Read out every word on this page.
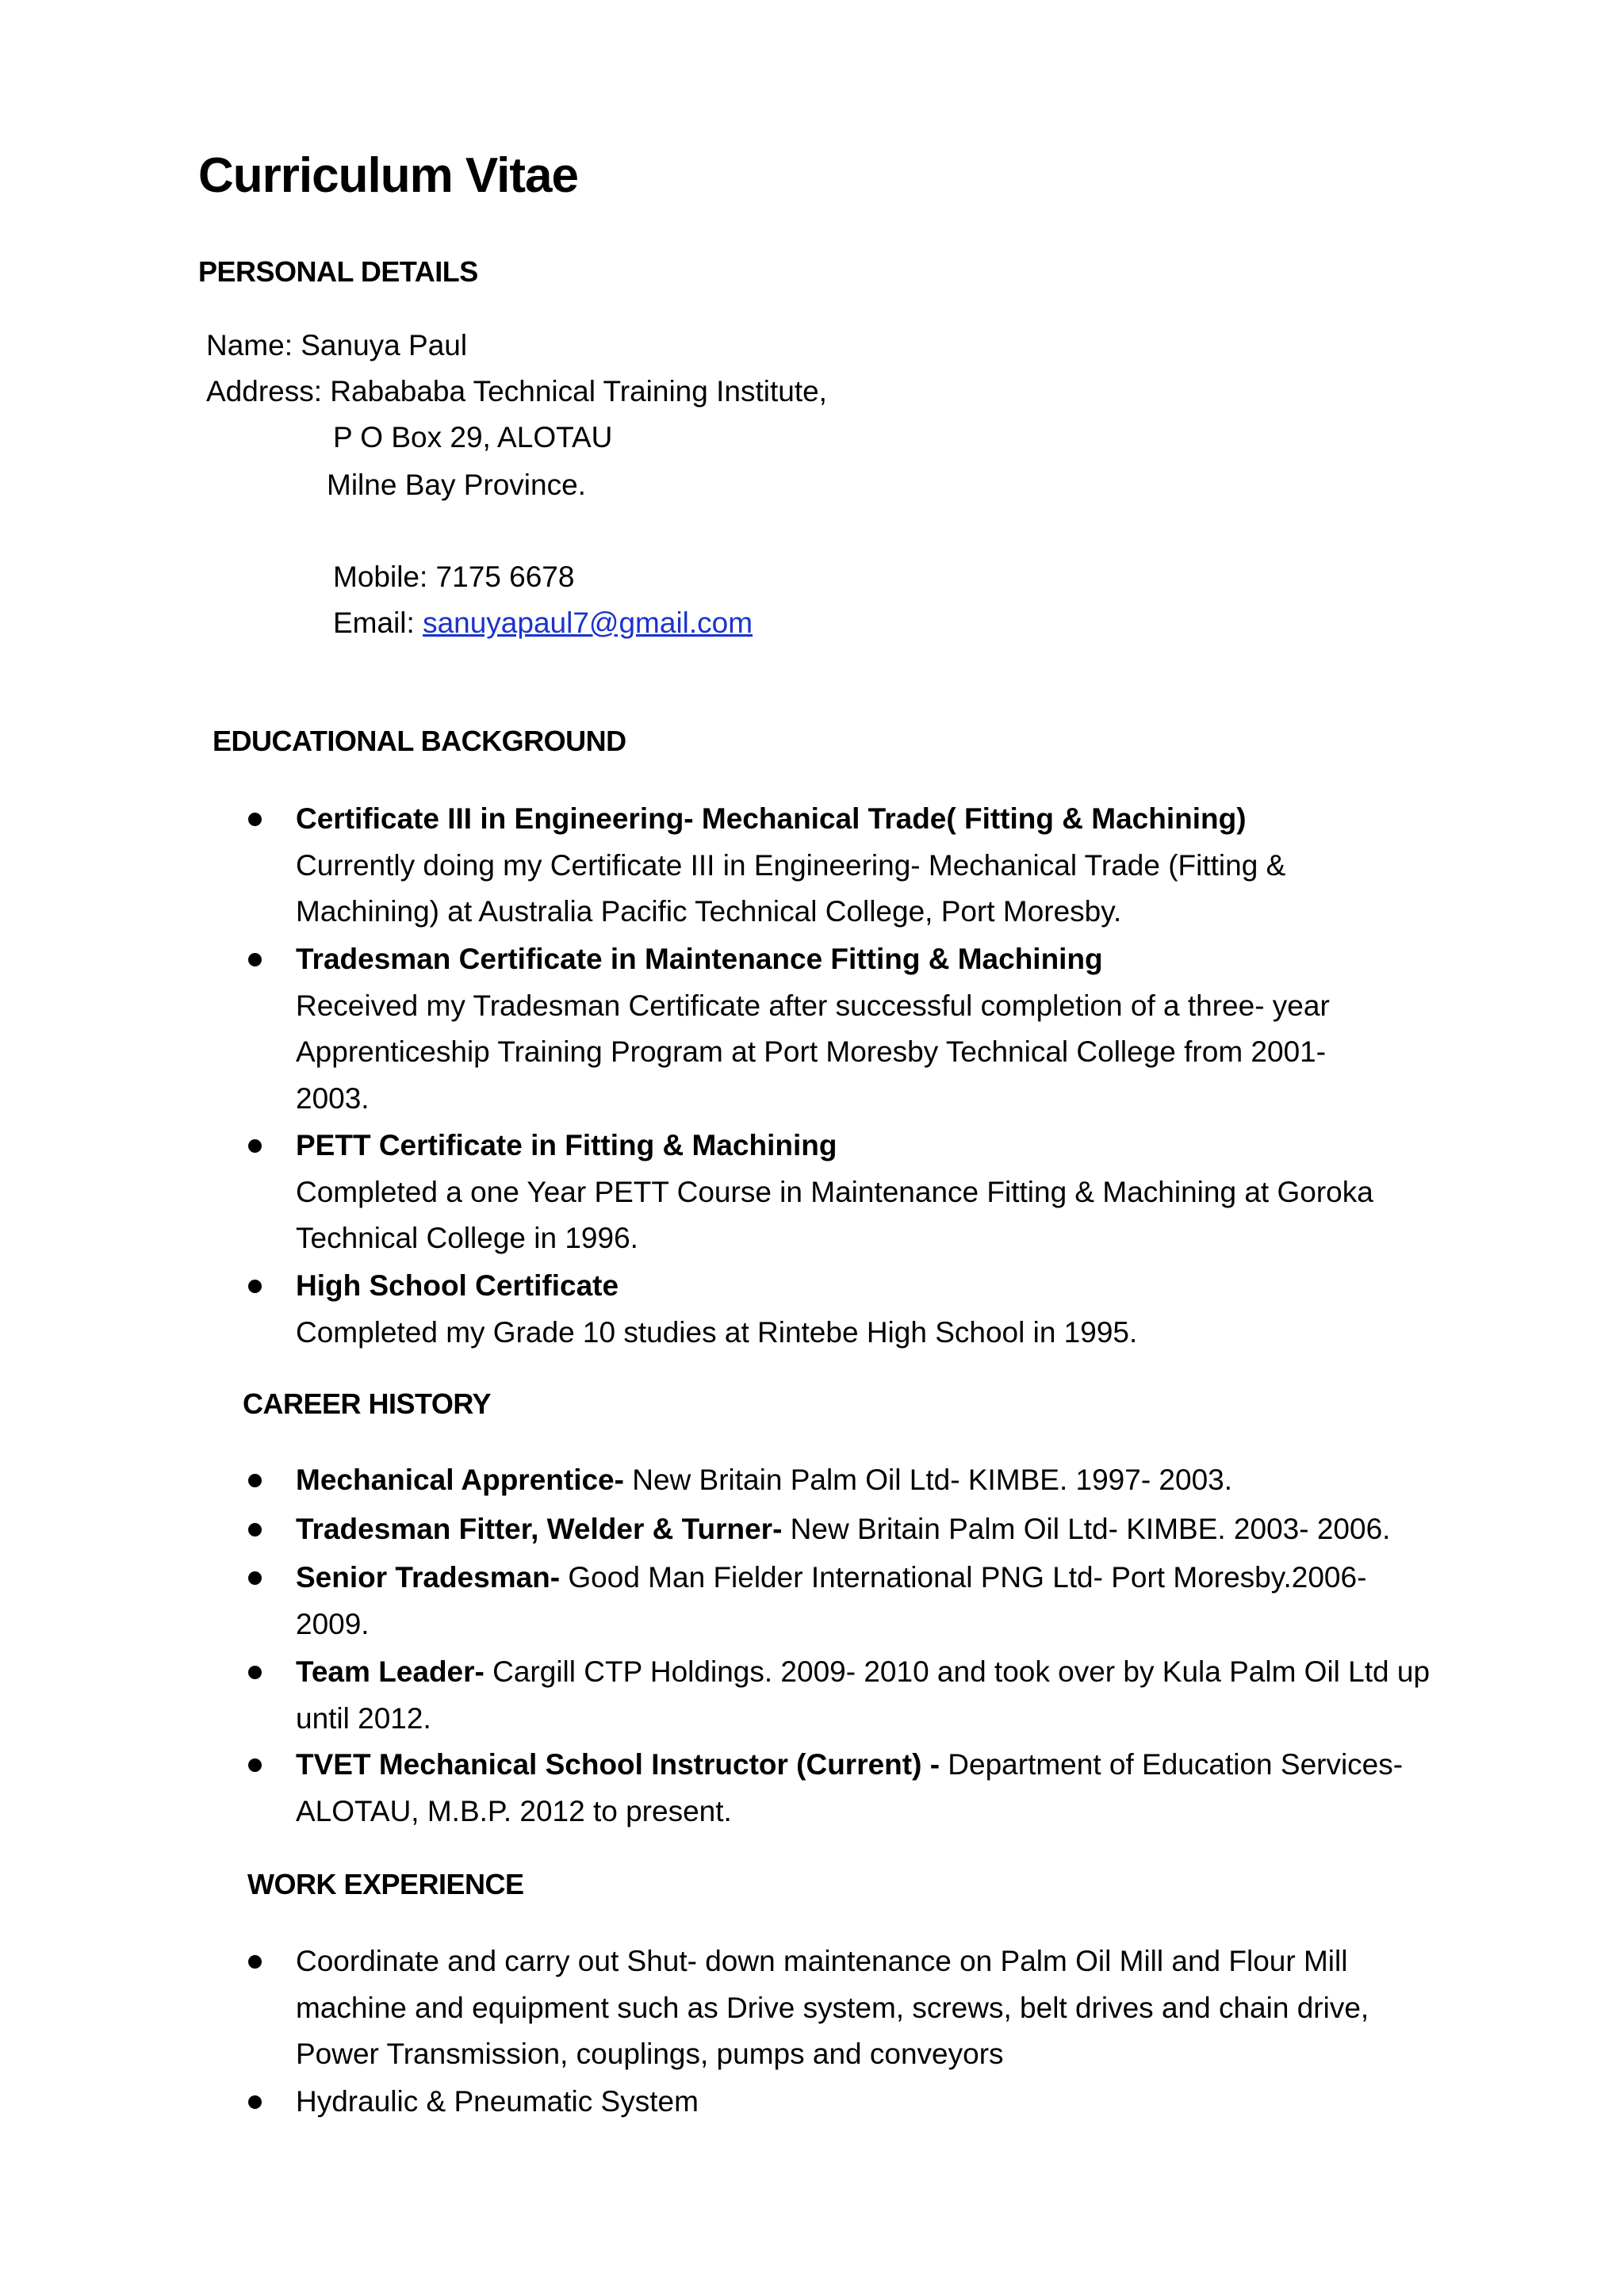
Curriculum Vitae
PERSONAL DETAILS
Name: Sanuya Paul
Address: Rabababa Technical Training Institute,
P O Box 29, ALOTAU
Milne Bay Province.
Mobile: 7175 6678
Email: sanuyapaul7@gmail.com
EDUCATIONAL BACKGROUND
Certificate III in Engineering- Mechanical Trade( Fitting & Machining)
Currently doing my Certificate III in Engineering- Mechanical Trade (Fitting &
Machining) at Australia Pacific Technical College, Port Moresby.
Tradesman Certificate in Maintenance Fitting & Machining
Received my Tradesman Certificate after successful completion of a three- year
Apprenticeship Training Program at Port Moresby Technical College from 2001-
2003.
PETT Certificate in Fitting & Machining
Completed a one Year PETT Course in Maintenance Fitting & Machining at Goroka
Technical College in 1996.
High School Certificate
Completed my Grade 10 studies at Rintebe High School in 1995.
CAREER HISTORY
Mechanical Apprentice- New Britain Palm Oil Ltd- KIMBE. 1997- 2003.
Tradesman Fitter, Welder & Turner- New Britain Palm Oil Ltd- KIMBE. 2003- 2006.
Senior Tradesman- Good Man Fielder International PNG Ltd- Port Moresby.2006-
2009.
Team Leader- Cargill CTP Holdings. 2009- 2010 and took over by Kula Palm Oil Ltd up
until 2012.
TVET Mechanical School Instructor (Current) - Department of Education Services-
ALOTAU, M.B.P. 2012 to present.
WORK EXPERIENCE
Coordinate and carry out Shut- down maintenance on Palm Oil Mill and Flour Mill
machine and equipment such as Drive system, screws, belt drives and chain drive,
Power Transmission, couplings, pumps and conveyors
Hydraulic & Pneumatic System
